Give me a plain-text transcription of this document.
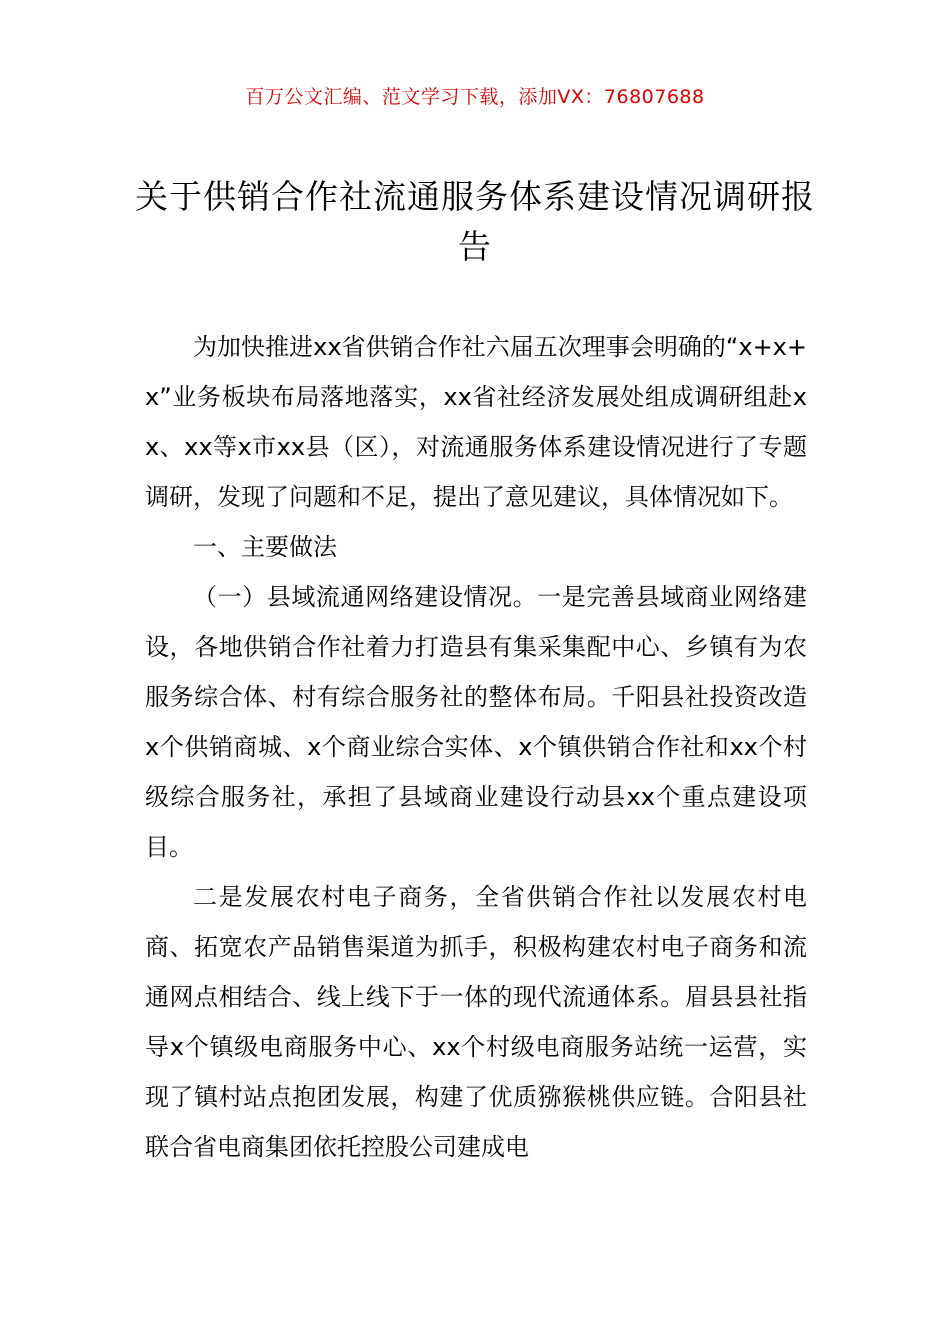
百万公文汇编、范文学习下载，添加VX：76807688
关于供销合作社流通服务体系建设情况调研报告

为加快推进xx省供销合作社六届五次理事会明确的“x+x+x”业务板块布局落地落实，xx省社经济发展处组成调研组赴xx、xx等x市xx县（区），对流通服务体系建设情况进行了专题调研，发现了问题和不足，提出了意见建议，具体情况如下。

一、主要做法

（一）县域流通网络建设情况。一是完善县域商业网络建设，各地供销合作社着力打造县有集采集配中心、乡镇有为农服务综合体、村有综合服务社的整体布局。千阳县社投资改造x个供销商城、x个商业综合实体、x个镇供销合作社和xx个村级综合服务社，承担了县域商业建设行动县xx个重点建设项目。

二是发展农村电子商务，全省供销合作社以发展农村电商、拓宽农产品销售渠道为抓手，积极构建农村电子商务和流通网点相结合、线上线下于一体的现代流通体系。眉县县社指导x个镇级电商服务中心、xx个村级电商服务站统一运营，实现了镇村站点抱团发展，构建了优质猕猴桃供应链。合阳县社联合省电商集团依托控股公司建成电
